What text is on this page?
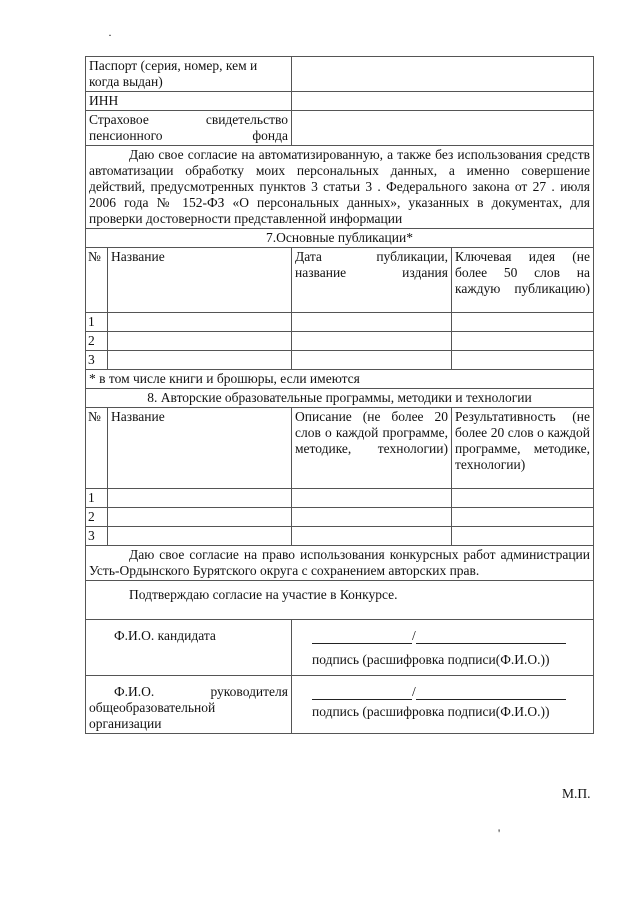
·
Паспорт (серия, номер, кем и когда выдан)			
ИНН			
Страховое свидетельство пенсионного фонда			
Даю свое согласие на автоматизированную, а также без использования средств автоматизации обработку моих персональных данных, а именно совершение действий, предусмотренных пунктов 3 статьи 3 . Федерального закона от 27 . июля 2006 года № 152-ФЗ «О персональных данных», указанных в документах, для проверки достоверности представленной информации			
7.Основные публикации*			
№	Название	Дата публикации, название издания	Ключевая идея (не более 50 слов на каждую публикацию)
1			
2			
3			
* в том числе книги и брошюры, если имеются			
8. Авторские образовательные программы, методики и технологии			
№	Название	Описание (не более 20 слов о каждой программе, методике, технологии)	Результативность (не более 20 слов о каждой программе, методике, технологии)
1			
2			
3			
Даю свое согласие на право использования конкурсных работ администрации Усть-Ордынского Бурятского округа с сохранением авторских прав.			
Подтверждаю согласие на участие в Конкурсе.			
Ф.И.О. кандидата		/

подпись (расшифровка подписи(Ф.И.О.))	

Ф.И.О. руководителя общеобразовательной организации		/

подпись (расшифровка подписи(Ф.И.О.))	
М.П.
'
